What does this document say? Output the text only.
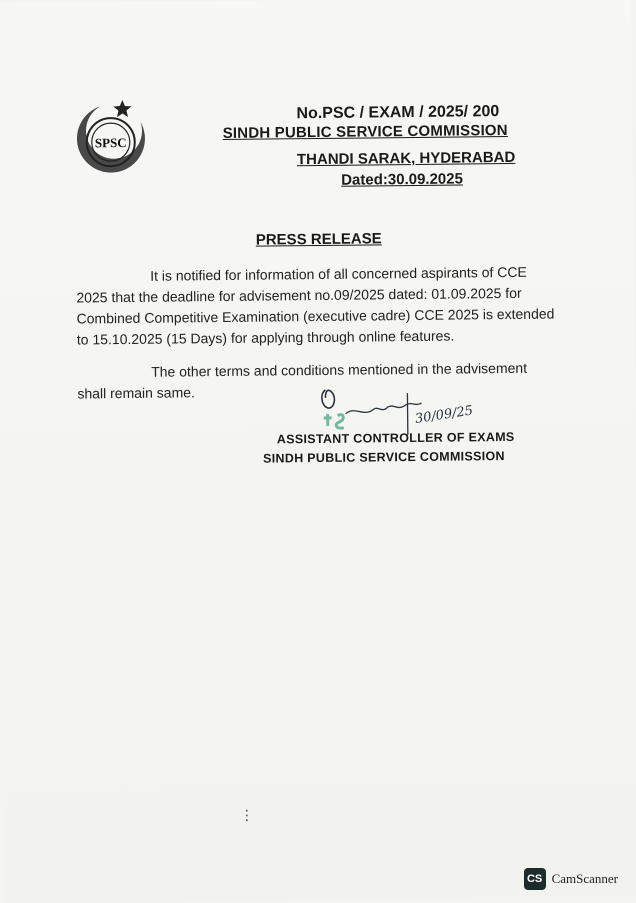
SPSC
No.PSC / EXAM / 2025/ 200
SINDH PUBLIC SERVICE COMMISSION
THANDI SARAK, HYDERABAD
Dated:30.09.2025
PRESS RELEASE
It is notified for information of all concerned aspirants of CCE 2025 that the deadline for advisement no.09/2025 dated: 01.09.2025 for Combined Competitive Examination (executive cadre) CCE 2025 is extended to 15.10.2025 (15 Days) for applying through online features.
The other terms and conditions mentioned in the advisement shall remain same.
30/09/25
ASSISTANT CONTROLLER OF EXAMS
SINDH PUBLIC SERVICE COMMISSION
⋮
CS CamScanner
